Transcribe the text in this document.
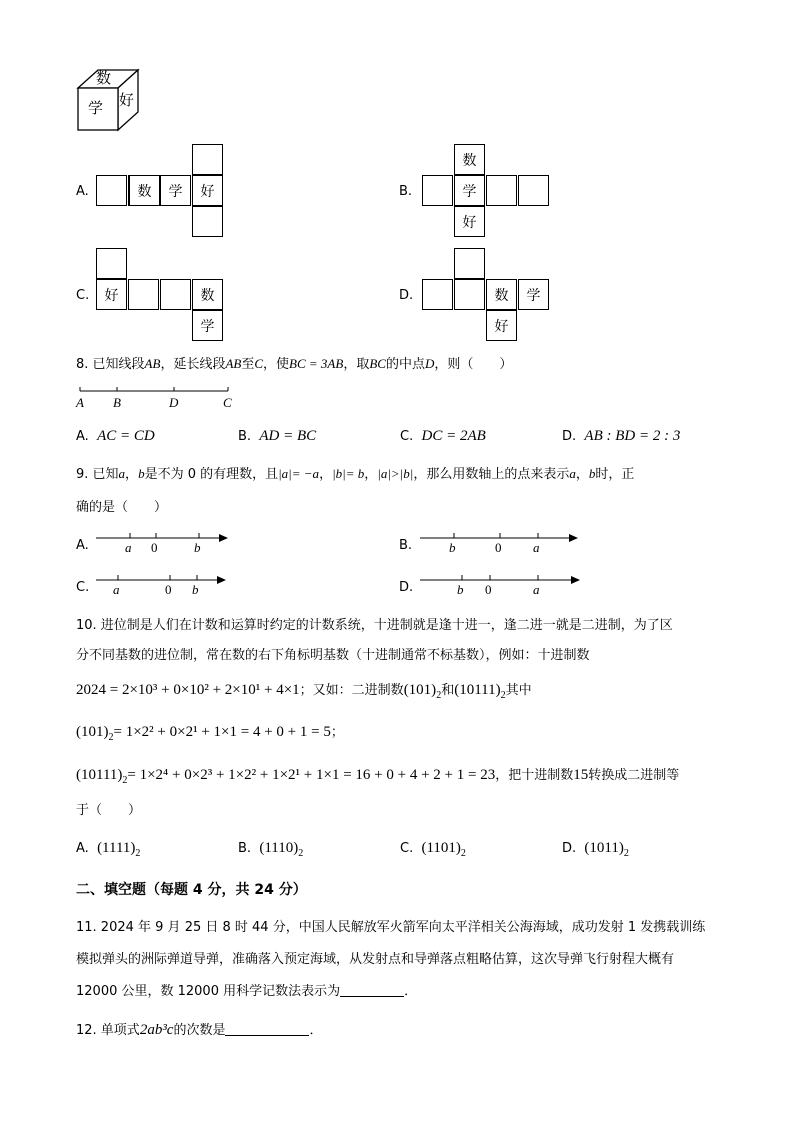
数
学 好
A.	数	学	好	B.
数
学
好
C.	好	数
学
D.	数	学
好
8. 已知线段AB，延长线段AB至C，使BC = 3AB，取BC的中点D，则（　　）
A B	D	C
A. AC = CD	B. AD = BC	C. DC = 2AB	D. AB : BD = 2 : 3
9. 已知a，b是不为 0 的有理数，且|a|= −a，|b|= b，|a|>|b|，那么用数轴上的点来表示a，b时，正
确的是（　　）
A.	a 0	b	B.	b	0 a
C. a	0 b	D.	b 0	a
10. 进位制是人们在计数和运算时约定的计数系统，十进制就是逢十进一，逢二进一就是二进制，为了区
分不同基数的进位制，常在数的右下角标明基数（十进制通常不标基数），例如：十进制数
2024 = 2×10³ + 0×10² + 2×10¹ + 4×1；又如：二进制数$(101)_2$和$(10111)_2$其中
$(101)_2= 1\times 2^2 + 0\times 2^1 + 1\times 1 = 4 + 0 + 1 = 5$；
$(10111)_2= 1\times 2^4 + 0\times 2^3 + 1\times 2^2 + 1\times 2^1 + 1\times 1 = 16 + 0 + 4 + 2 + 1 = 23$，把十进制数15转换成二进制等
于（　　）
A. $(1111)_2$	B. $(1110)_2$	C. $(1101)_2$	D. $(1011)_2$
二、填空题（每题 4 分，共 24 分）
11. 2024 年 9 月 25 日 8 时 44 分，中国人民解放军火箭军向太平洋相关公海海域，成功发射 1 发携载训练
模拟弹头的洲际弹道导弹，准确落入预定海域，从发射点和导弹落点粗略估算，这次导弹飞行射程大概有
12000 公里，数 12000 用科学记数法表示为	．
12. 单项式2ab³c的次数是	．
